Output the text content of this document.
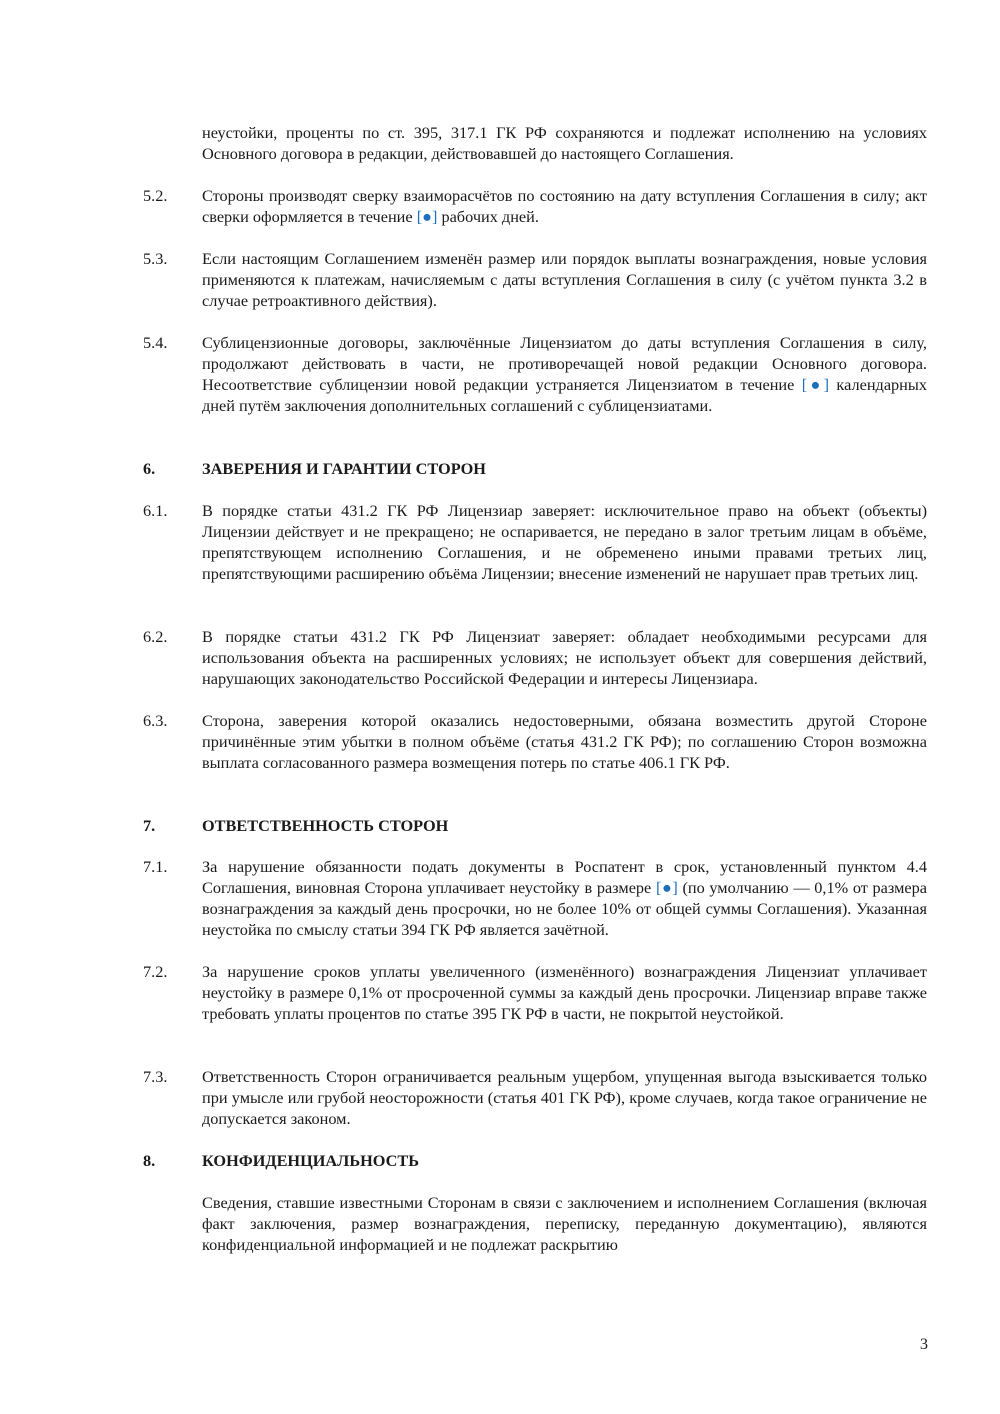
неустойки, проценты по ст. 395, 317.1 ГК РФ сохраняются и подлежат исполнению на условиях Основного договора в редакции, действовавшей до настоящего Соглашения.
5.2.	Стороны производят сверку взаиморасчётов по состоянию на дату вступления Соглашения в силу; акт сверки оформляется в течение [●] рабочих дней.
5.3.	Если настоящим Соглашением изменён размер или порядок выплаты вознаграждения, новые условия применяются к платежам, начисляемым с даты вступления Соглашения в силу (с учётом пункта 3.2 в случае ретроактивного действия).
5.4.	Сублицензионные договоры, заключённые Лицензиатом до даты вступления Соглашения в силу, продолжают действовать в части, не противоречащей новой редакции Основного договора. Несоответствие сублицензии новой редакции устраняется Лицензиатом в течение [●] календарных дней путём заключения дополнительных соглашений с сублицензиатами.
6.	ЗАВЕРЕНИЯ И ГАРАНТИИ СТОРОН
6.1.	В порядке статьи 431.2 ГК РФ Лицензиар заверяет: исключительное право на объект (объекты) Лицензии действует и не прекращено; не оспаривается, не передано в залог третьим лицам в объёме, препятствующем исполнению Соглашения, и не обременено иными правами третьих лиц, препятствующими расширению объёма Лицензии; внесение изменений не нарушает прав третьих лиц.
6.2.	В порядке статьи 431.2 ГК РФ Лицензиат заверяет: обладает необходимыми ресурсами для использования объекта на расширенных условиях; не использует объект для совершения действий, нарушающих законодательство Российской Федерации и интересы Лицензиара.
6.3.	Сторона, заверения которой оказались недостоверными, обязана возместить другой Стороне причинённые этим убытки в полном объёме (статья 431.2 ГК РФ); по соглашению Сторон возможна выплата согласованного размера возмещения потерь по статье 406.1 ГК РФ.
7.	ОТВЕТСТВЕННОСТЬ СТОРОН
7.1.	За нарушение обязанности подать документы в Роспатент в срок, установленный пунктом 4.4 Соглашения, виновная Сторона уплачивает неустойку в размере [●] (по умолчанию — 0,1% от размера вознаграждения за каждый день просрочки, но не более 10% от общей суммы Соглашения). Указанная неустойка по смыслу статьи 394 ГК РФ является зачётной.
7.2.	За нарушение сроков уплаты увеличенного (изменённого) вознаграждения Лицензиат уплачивает неустойку в размере 0,1% от просроченной суммы за каждый день просрочки. Лицензиар вправе также требовать уплаты процентов по статье 395 ГК РФ в части, не покрытой неустойкой.
7.3.	Ответственность Сторон ограничивается реальным ущербом, упущенная выгода взыскивается только при умысле или грубой неосторожности (статья 401 ГК РФ), кроме случаев, когда такое ограничение не допускается законом.
8.	КОНФИДЕНЦИАЛЬНОСТЬ
Сведения, ставшие известными Сторонам в связи с заключением и исполнением Соглашения (включая факт заключения, размер вознаграждения, переписку, переданную документацию), являются конфиденциальной информацией и не подлежат раскрытию
3
